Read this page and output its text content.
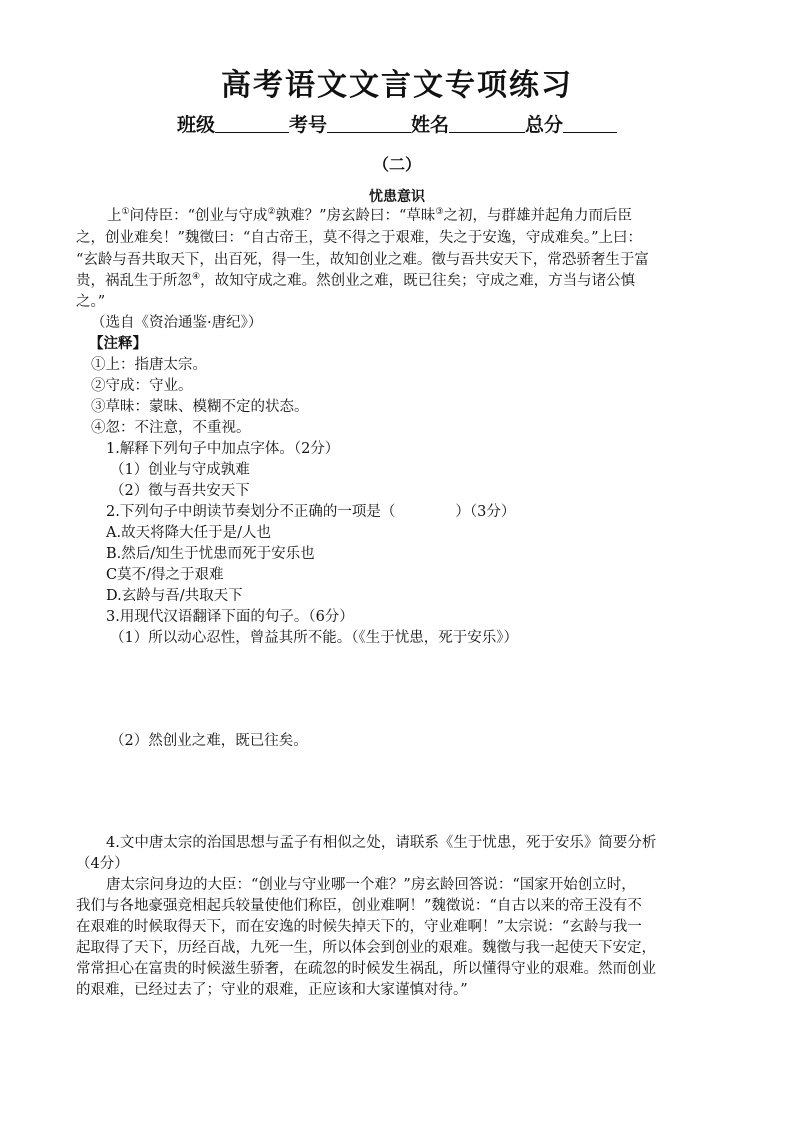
高考语文文言文专项练习
班级	考号	姓名	总分
（二）
忧患意识
上①问侍臣：“创业与守成②孰难？”房玄龄曰：“草昧③之初，与群雄并起角力而后臣
之，创业难矣！”魏徵曰：“自古帝王，莫不得之于艰难，失之于安逸，守成难矣。”上曰：
“玄龄与吾共取天下，出百死，得一生，故知创业之难。徵与吾共安天下，常恐骄奢生于富
贵，祸乱生于所忽④，故知守成之难。然创业之难，既已往矣；守成之难，方当与诸公慎
之。”
（选自《资治通鉴·唐纪》）
【注释】
①上：指唐太宗。
②守成：守业。
③草昧：蒙昧、模糊不定的状态。
④忽：不注意，不重视。
1.解释下列句子中加点字体。（2分）
（1）创业与守成孰难
（2）徵与吾共安天下
2.下列句子中朗读节奏划分不正确的一项是（	）（3分）
A.故天将降大任于是/人也
B.然后/知生于忧患而死于安乐也
C莫不/得之于艰难
D.玄龄与吾/共取天下
3.用现代汉语翻译下面的句子。（6分）
（1）所以动心忍性，曾益其所不能。（《生于忧患，死于安乐》）
（2）然创业之难，既已往矣。
4.文中唐太宗的治国思想与孟子有相似之处，请联系《生于忧患，死于安乐》简要分析
（4分）
唐太宗问身边的大臣：“创业与守业哪一个难？”房玄龄回答说：“国家开始创立时，
我们与各地豪强竞相起兵较量使他们称臣，创业难啊！”魏徵说：“自古以来的帝王没有不
在艰难的时候取得天下，而在安逸的时候失掉天下的，守业难啊！”太宗说：“玄龄与我一
起取得了天下，历经百战，九死一生，所以体会到创业的艰难。魏徵与我一起使天下安定，
常常担心在富贵的时候滋生骄奢，在疏忽的时候发生祸乱，所以懂得守业的艰难。然而创业
的艰难，已经过去了；守业的艰难，正应该和大家谨慎对待。”
